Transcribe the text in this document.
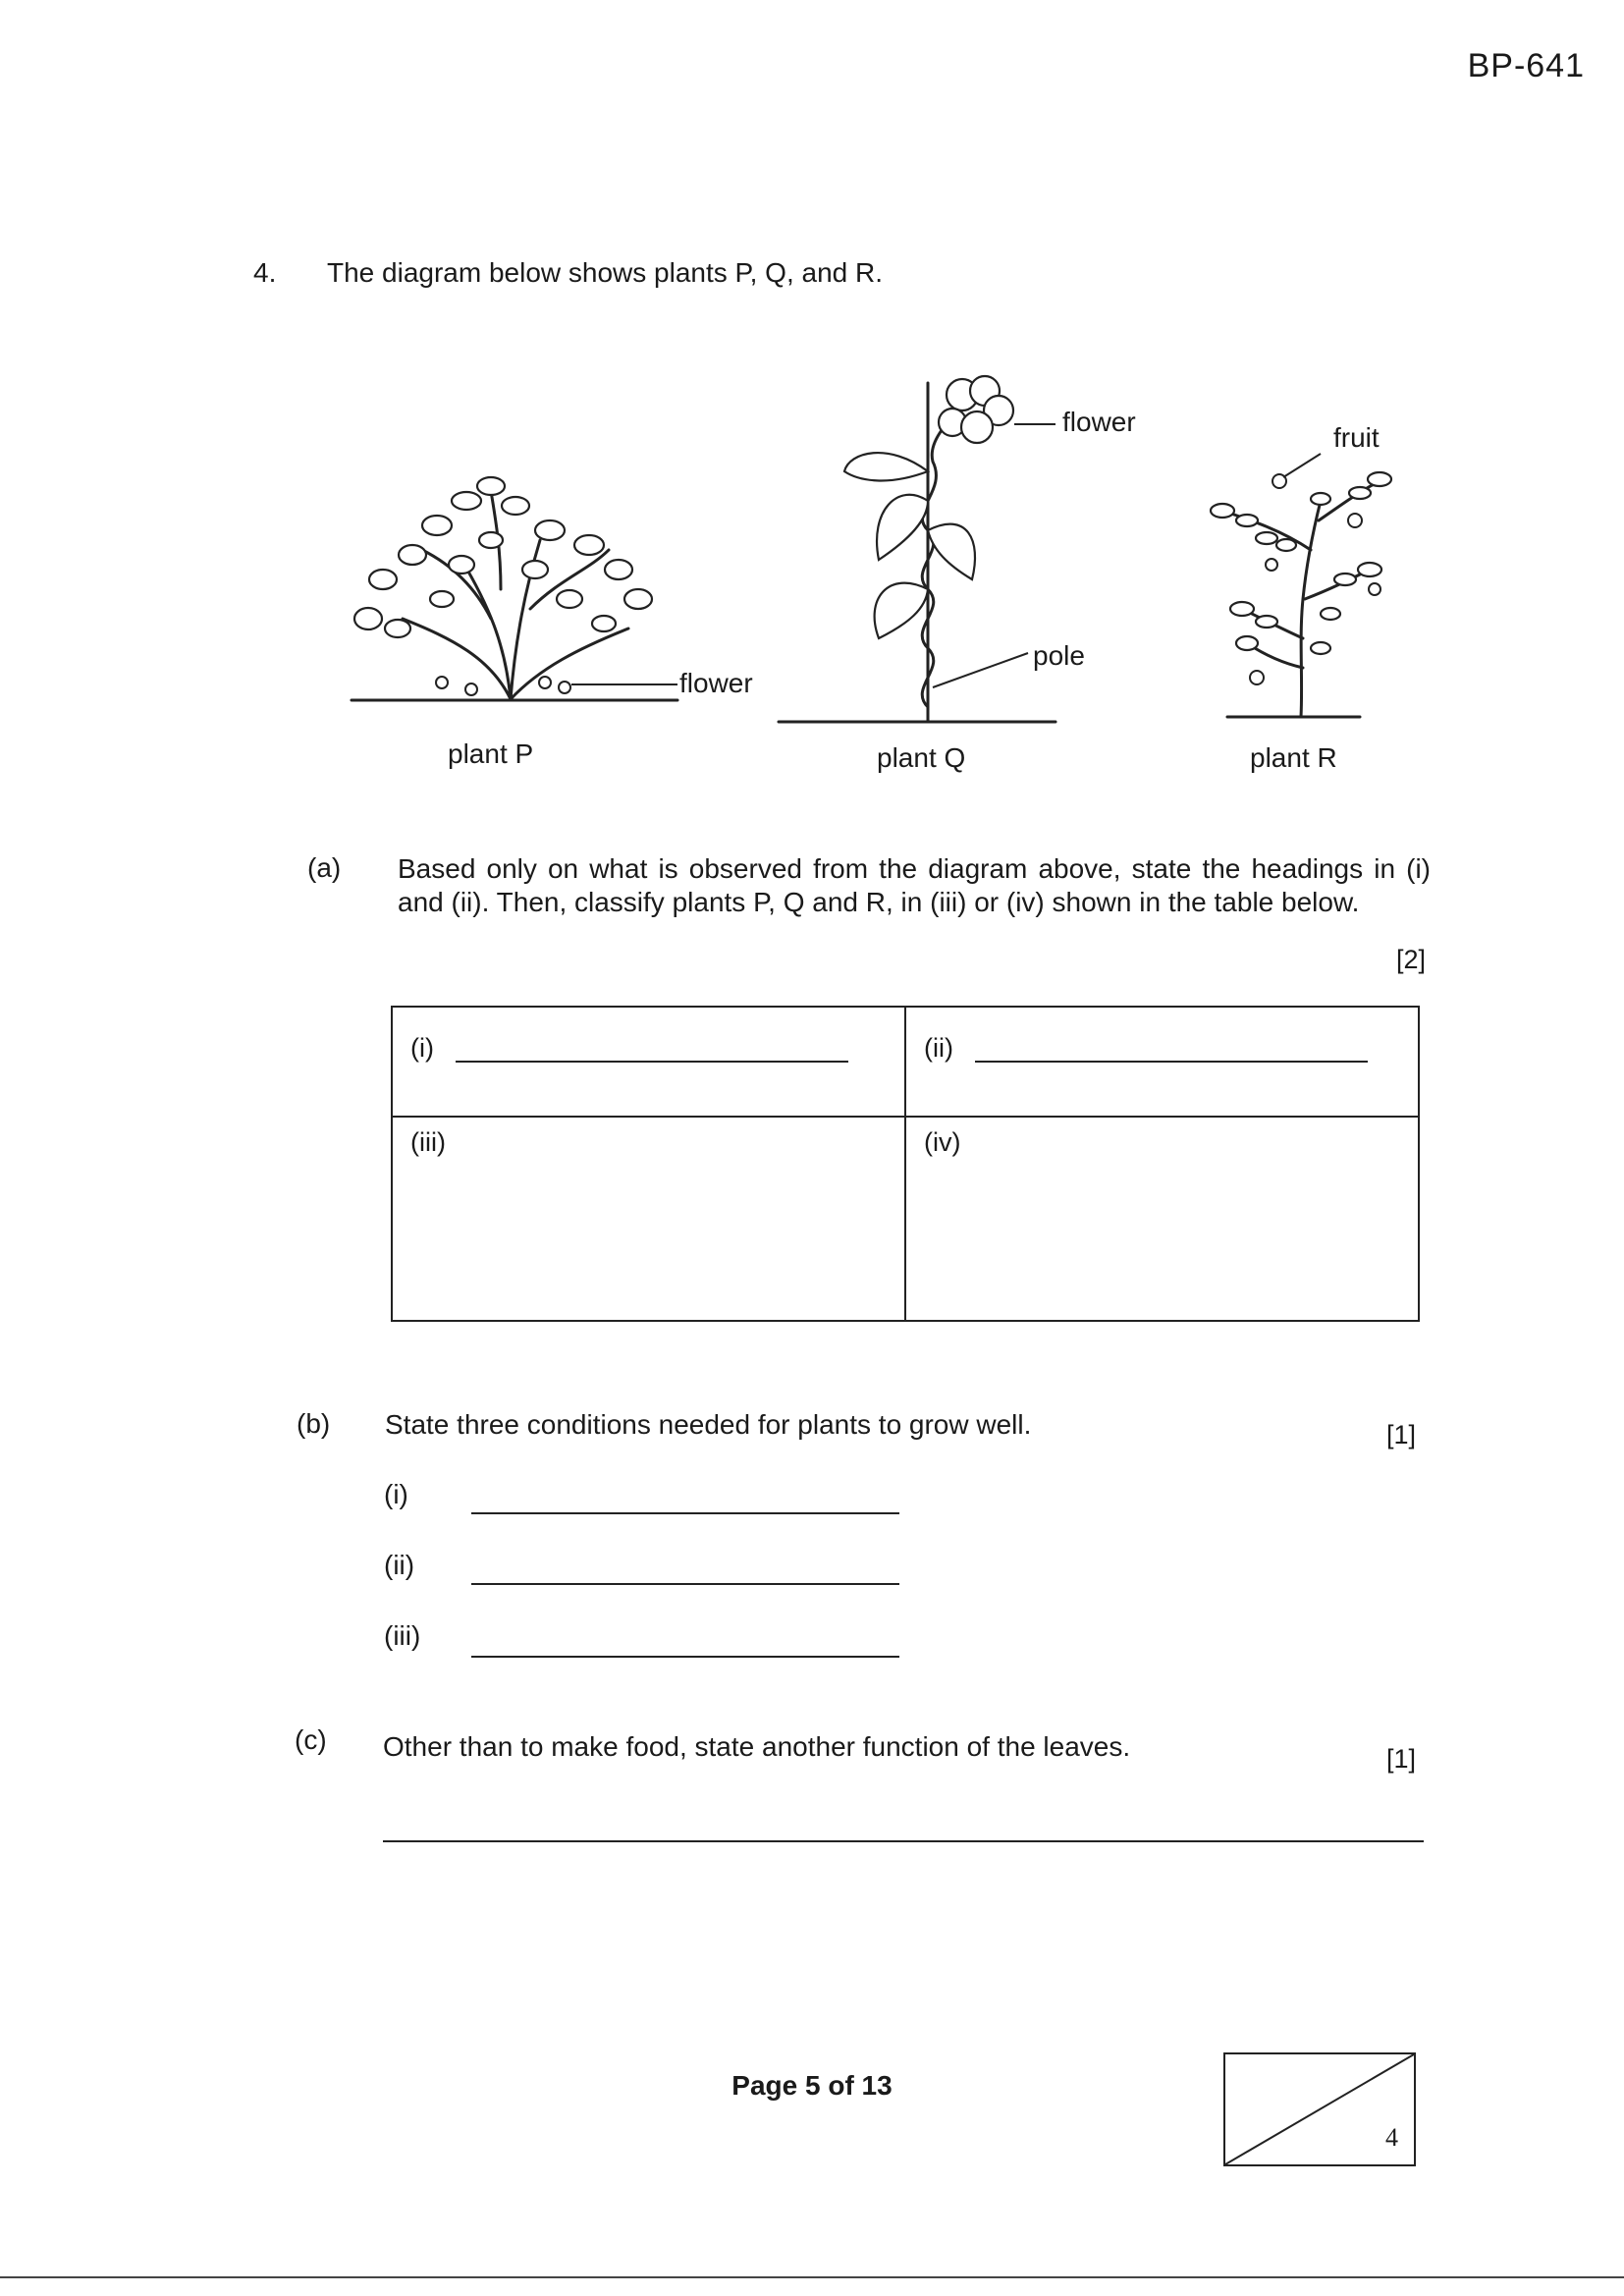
BP-641
4. The diagram below shows plants P, Q, and R.
flower
plant P
flower
pole
plant Q
fruit
plant R
(a) Based only on what is observed from the diagram above, state the headings in (i) and (ii). Then, classify plants P, Q and R, in (iii) or (iv) shown in the table below.
[2]
(i)	(ii)
(iii)	(iv)
(b) State three conditions needed for plants to grow well.	[1]
(i)
(ii)
(iii)
(c) Other than to make food, state another function of the leaves.	[1]
Page 5 of 13
4
